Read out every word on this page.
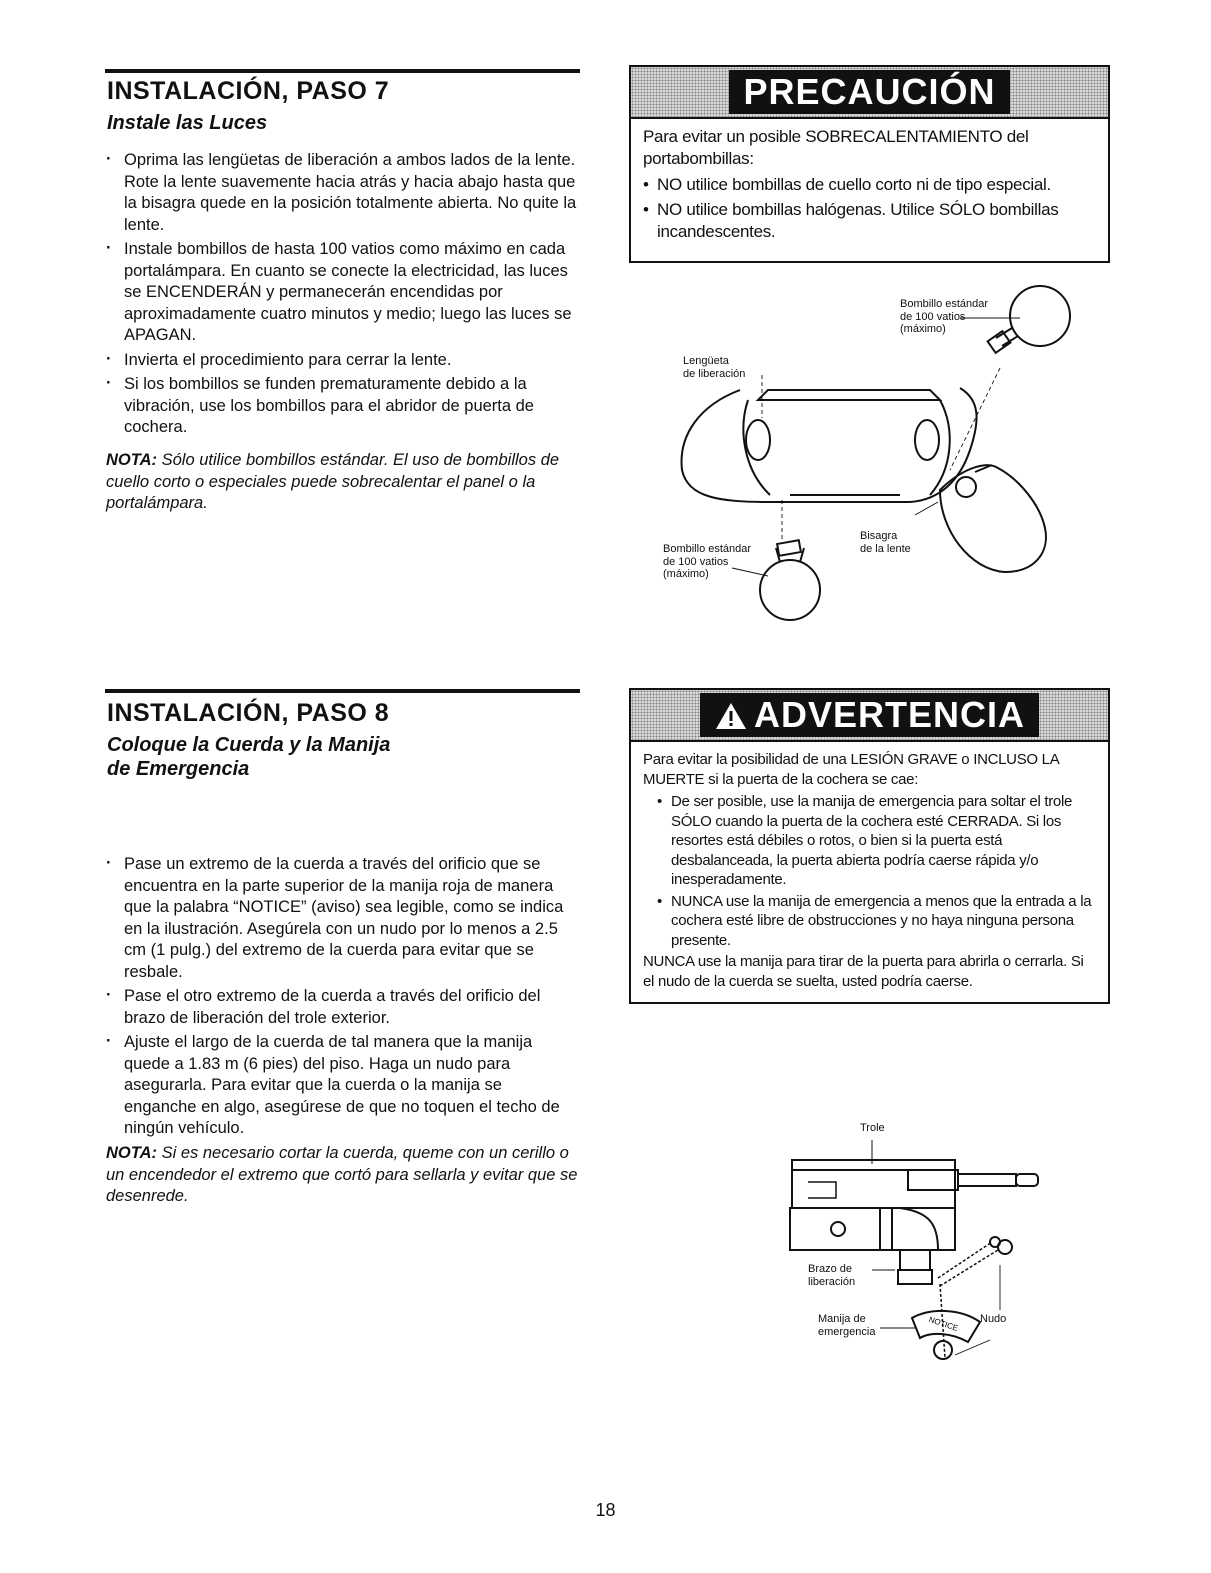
INSTALACIÓN, PASO 7
Instale las Luces
· Oprima las lengüetas de liberación a ambos lados de la lente. Rote la lente suavemente hacia atrás y hacia abajo hasta que la bisagra quede en la posición totalmente abierta. No quite la lente.
· Instale bombillos de hasta 100 vatios como máximo en cada portalámpara. En cuanto se conecte la electricidad, las luces se ENCENDERÁN y permanecerán encendidas por aproximadamente cuatro minutos y medio; luego las luces se APAGAN.
· Invierta el procedimiento para cerrar la lente.
· Si los bombillos se funden prematuramente debido a la vibración, use los bombillos para el abridor de puerta de cochera.
NOTA: Sólo utilice bombillos estándar. El uso de bombillos de cuello corto o especiales puede sobrecalentar el panel o la portalámpara.
PRECAUCIÓN
Para evitar un posible SOBRECALENTAMIENTO del portabombillas:
• NO utilice bombillas de cuello corto ni de tipo especial.
• NO utilice bombillas halógenas. Utilice SÓLO bombillas incandescentes.
Bombillo estándar
de 100 vatios
(máximo)
Lengüeta
de liberación
Bombillo estándar
de 100 vatios
(máximo)
Bisagra
de la lente
INSTALACIÓN, PASO 8
Coloque la Cuerda y la Manija
de Emergencia
· Pase un extremo de la cuerda a través del orificio que se encuentra en la parte superior de la manija roja de manera que la palabra “NOTICE” (aviso) sea legible, como se indica en la ilustración. Asegúrela con un nudo por lo menos a 2.5 cm (1 pulg.) del extremo de la cuerda para evitar que se resbale.
· Pase el otro extremo de la cuerda a través del orificio del brazo de liberación del trole exterior.
· Ajuste el largo de la cuerda de tal manera que la manija quede a 1.83 m (6 pies) del piso. Haga un nudo para asegurarla. Para evitar que la cuerda o la manija se enganche en algo, asegúrese de que no toquen el techo de ningún vehículo.
NOTA: Si es necesario cortar la cuerda, queme con un cerillo o un encendedor el extremo que cortó para sellarla y evitar que se desenrede.
ADVERTENCIA
Para evitar la posibilidad de una LESIÓN GRAVE o INCLUSO LA MUERTE si la puerta de la cochera se cae:
• De ser posible, use la manija de emergencia para soltar el trole SÓLO cuando la puerta de la cochera esté CERRADA. Si los resortes está débiles o rotos, o bien si la puerta está desbalanceada, la puerta abierta podría caerse rápida y/o inesperadamente.
• NUNCA use la manija de emergencia a menos que la entrada a la cochera esté libre de obstrucciones y no haya ninguna persona presente.
NUNCA use la manija para tirar de la puerta para abrirla o cerrarla. Si el nudo de la cuerda se suelta, usted podría caerse.
NOTICE
Trole
Brazo de
liberación
Manija de
emergencia
Nudo
18
